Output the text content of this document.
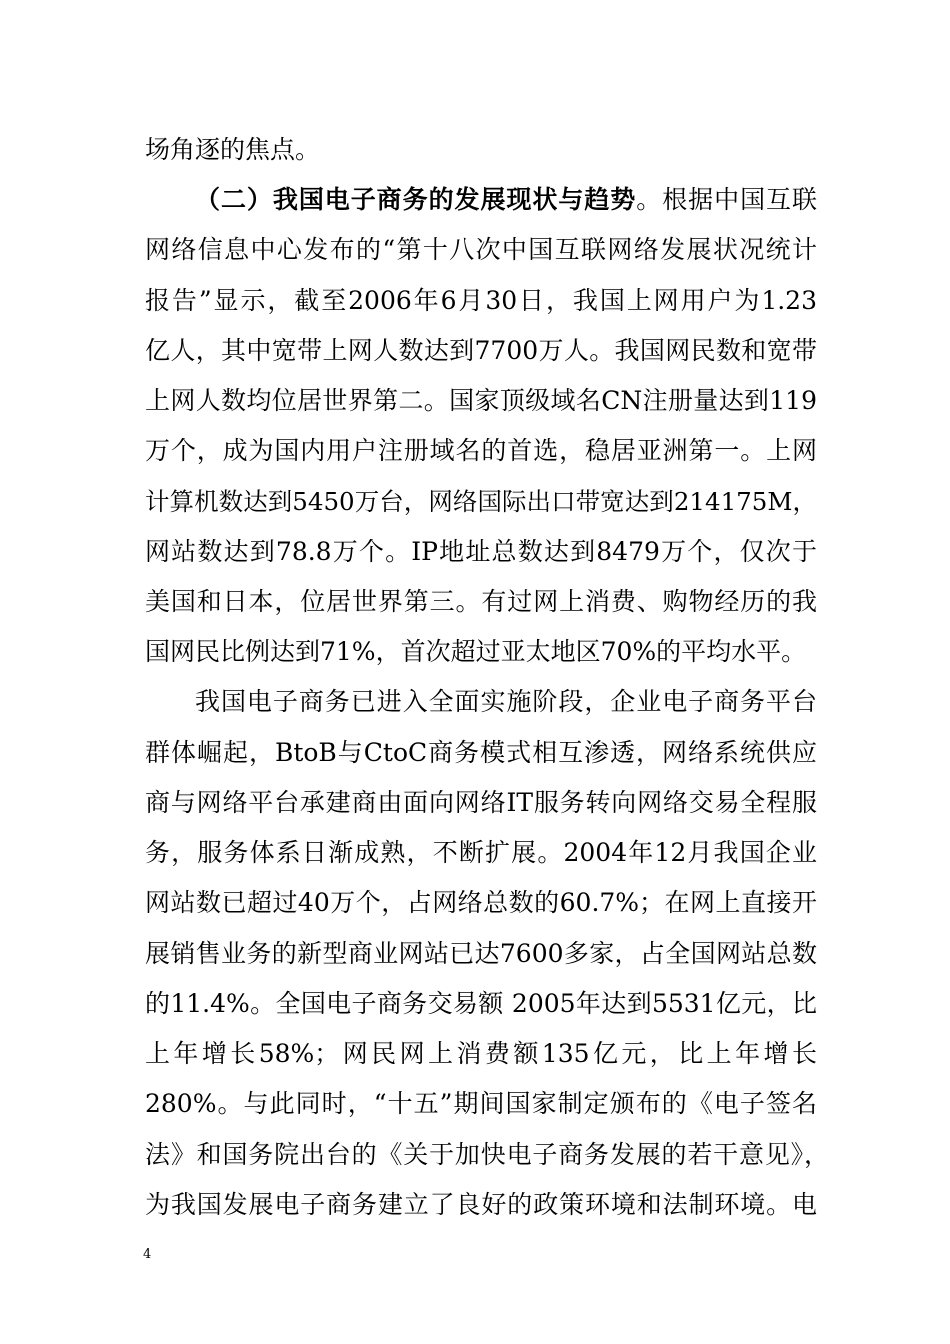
场角逐的焦点。
（二）我国电子商务的发展现状与趋势。根据中国互联
网络信息中心发布的“第十八次中国互联网络发展状况统计
报告”显示，截至2006年6月30日，我国上网用户为1.23
亿人，其中宽带上网人数达到7700万人。我国网民数和宽带
上网人数均位居世界第二。国家顶级域名CN注册量达到119
万个，成为国内用户注册域名的首选，稳居亚洲第一。上网
计算机数达到5450万台，网络国际出口带宽达到214175M，
网站数达到78.8万个。IP地址总数达到8479万个，仅次于
美国和日本，位居世界第三。有过网上消费、购物经历的我
国网民比例达到71%，首次超过亚太地区70%的平均水平。
我国电子商务已进入全面实施阶段，企业电子商务平台
群体崛起，BtoB与CtoC商务模式相互渗透，网络系统供应
商与网络平台承建商由面向网络IT服务转向网络交易全程服
务，服务体系日渐成熟，不断扩展。2004年12月我国企业
网站数已超过40万个，占网络总数的60.7%；在网上直接开
展销售业务的新型商业网站已达7600多家，占全国网站总数
的11.4%。全国电子商务交易额 2005年达到5531亿元，比
上年增长58%；网民网上消费额135亿元，比上年增长
280%。与此同时，“十五”期间国家制定颁布的《电子签名
法》和国务院出台的《关于加快电子商务发展的若干意见》，
为我国发展电子商务建立了良好的政策环境和法制环境。电
4
